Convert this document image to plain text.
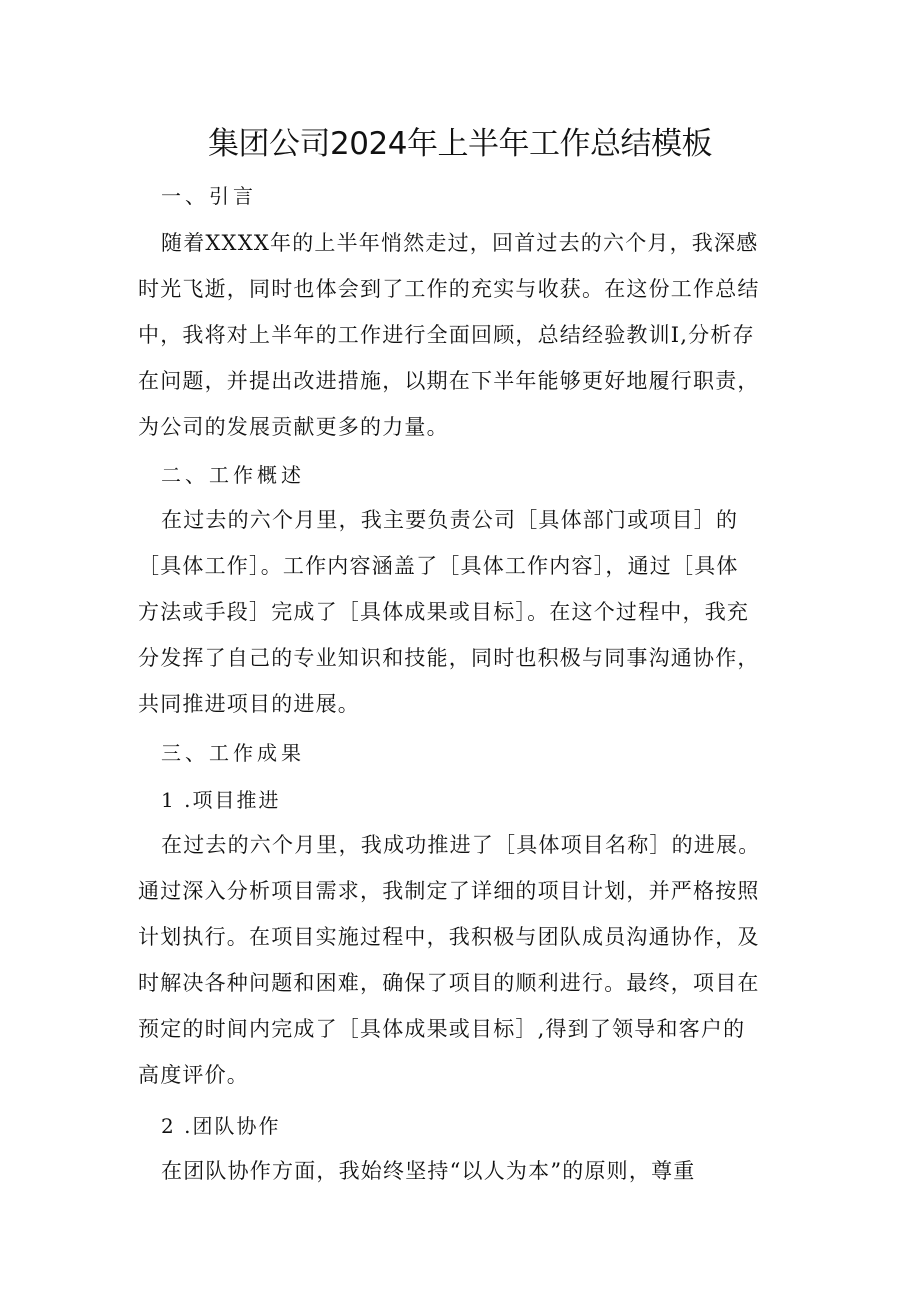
集团公司2024年上半年工作总结模板
一、引言
随着XXXX年的上半年悄然走过，回首过去的六个月，我深感
时光飞逝，同时也体会到了工作的充实与收获。在这份工作总结
中，我将对上半年的工作进行全面回顾，总结经验教训I,分析存
在问题，并提出改进措施，以期在下半年能够更好地履行职责，
为公司的发展贡献更多的力量。
二、工作概述
在过去的六个月里，我主要负责公司［具体部门或项目］的
［具体工作］。工作内容涵盖了［具体工作内容］，通过［具体
方法或手段］完成了［具体成果或目标］。在这个过程中，我充
分发挥了自己的专业知识和技能，同时也积极与同事沟通协作，
共同推进项目的进展。
三、工作成果
1 .项目推进
在过去的六个月里，我成功推进了［具体项目名称］的进展。
通过深入分析项目需求，我制定了详细的项目计划，并严格按照
计划执行。在项目实施过程中，我积极与团队成员沟通协作，及
时解决各种问题和困难，确保了项目的顺利进行。最终，项目在
预定的时间内完成了［具体成果或目标］,得到了领导和客户的
高度评价。
2 .团队协作
在团队协作方面，我始终坚持“以人为本”的原则，尊重
